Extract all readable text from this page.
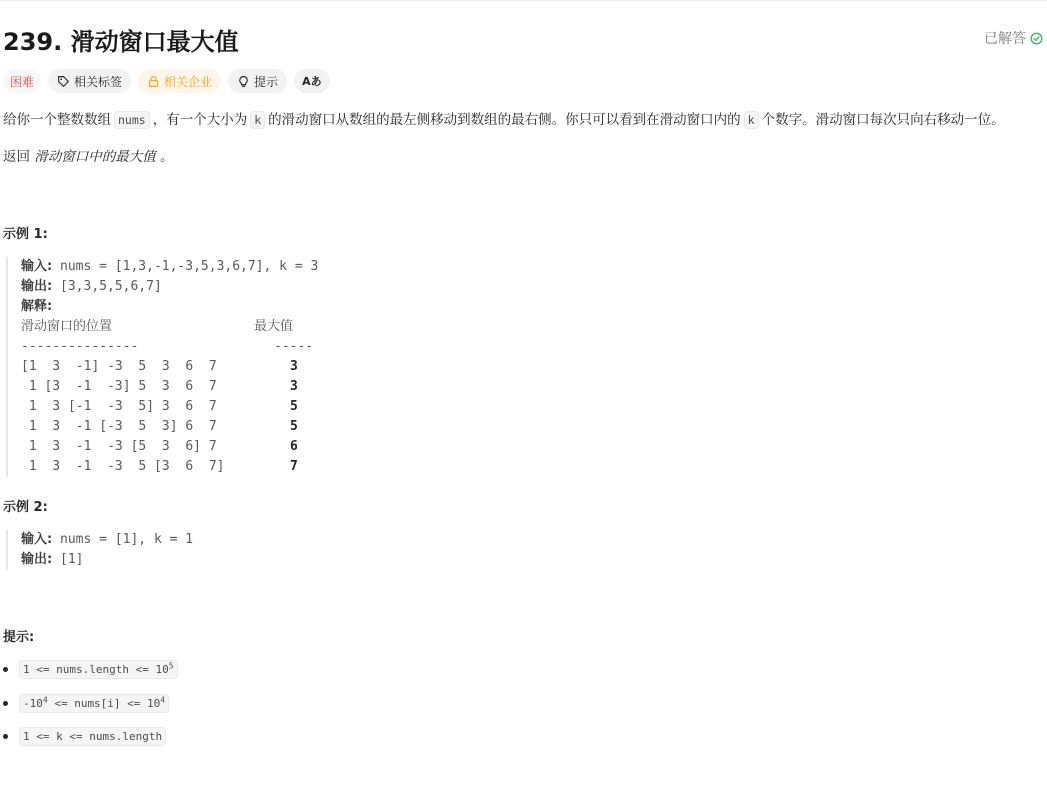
239. 滑动窗口最大值	已解答
困难	相关标签	相关企业	提示 Aあ
给你一个整数数组 nums ，有一个大小为 k 的滑动窗口从数组的最左侧移动到数组的最右侧。你只可以看到在滑动窗口内的 k 个数字。滑动窗口每次只向右移动一位。
返回 滑动窗口中的最大值 。
示例 1:
输入: nums = [1,3,-1,-3,5,3,6,7], k = 3
输出: [3,3,5,5,6,7]
解释:
滑动窗口的位置	最大值
---------------	-----
[1  3  -1] -3  5  3  6  7	3
1 [3  -1  -3] 5  3  6  7	3
1  3 [-1  -3  5] 3  6  7	5
1  3  -1 [-3  5  3] 6  7	5
1  3  -1  -3 [5  3  6] 7	6
1  3  -1  -3  5 [3  6  7]	7
示例 2:
输入: nums = [1], k = 1
输出: [1]
提示:
1 <= nums.length <= $10^5$
$-10^4$ <= nums[i] <= $10^4$
1 <= k <= nums.length
